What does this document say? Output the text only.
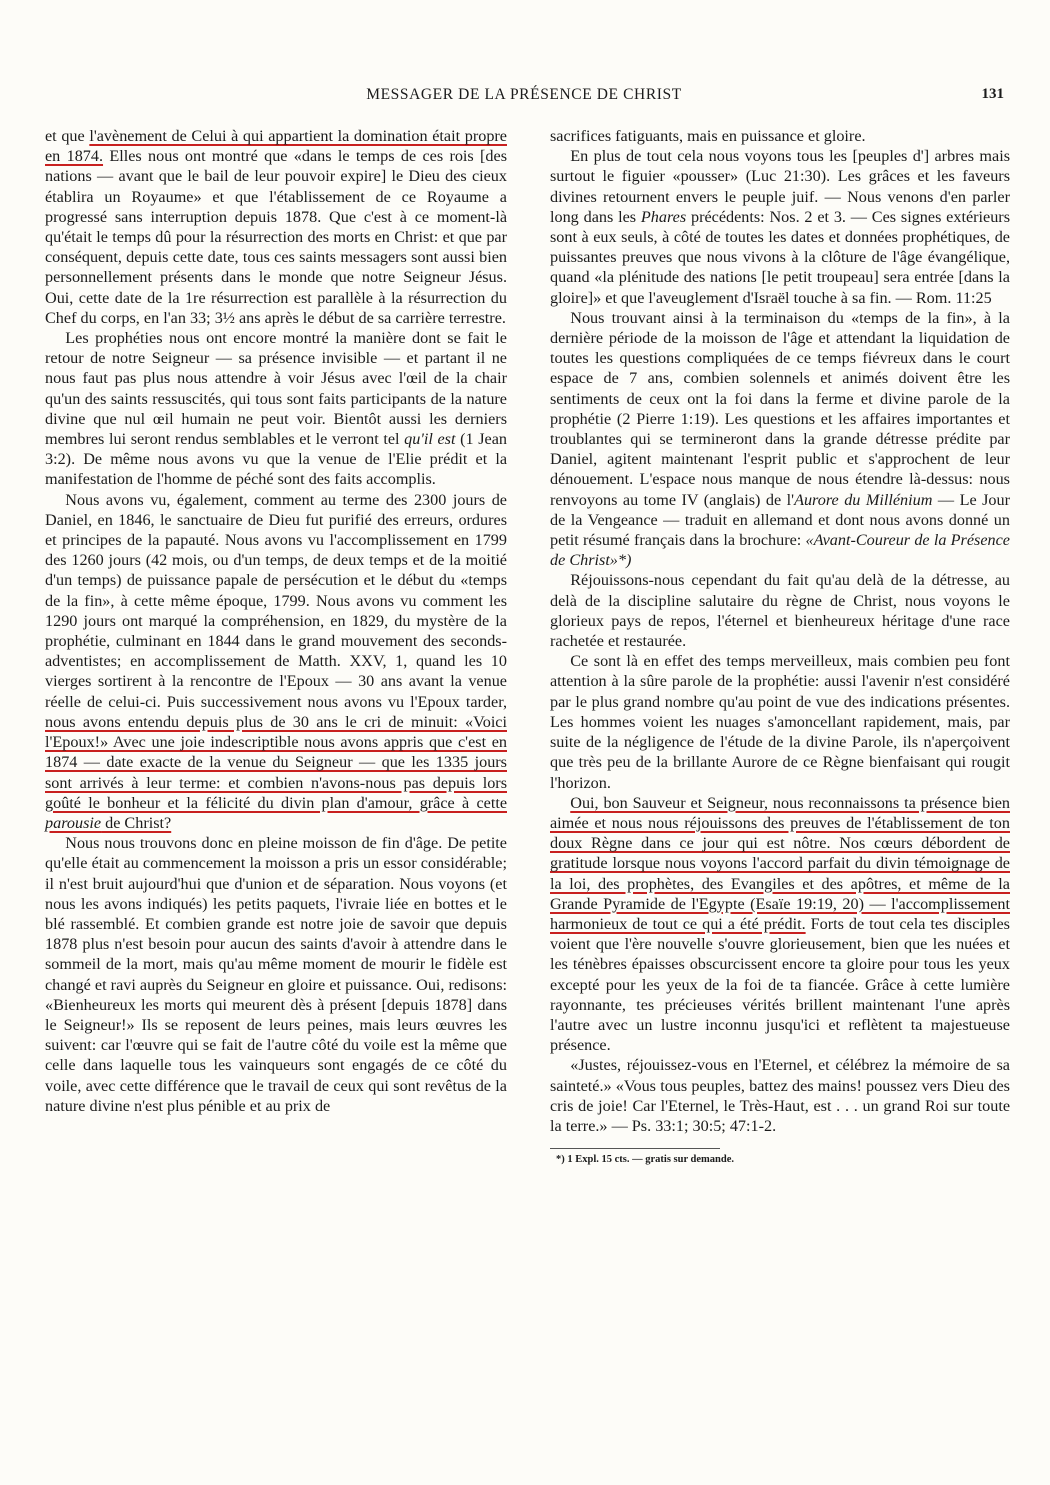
MESSAGER DE LA PRÉSENCE DE CHRIST	131

et que l'avènement de Celui à qui appartient la domination était propre en 1874. Elles nous ont montré que «dans le temps de ces rois [des nations — avant que le bail de leur pouvoir expire] le Dieu des cieux établira un Royaume» et que l'établissement de ce Royaume a progressé sans interruption depuis 1878. Que c'est à ce moment-là qu'était le temps dû pour la résurrection des morts en Christ: et que par conséquent, depuis cette date, tous ces saints messagers sont aussi bien personnellement présents dans le monde que notre Seigneur Jésus. Oui, cette date de la 1re résurrection est parallèle à la résurrection du Chef du corps, en l'an 33; 3½ ans après le début de sa carrière terrestre.

Les prophéties nous ont encore montré la manière dont se fait le retour de notre Seigneur — sa présence invisible — et partant il ne nous faut pas plus nous attendre à voir Jésus avec l'œil de la chair qu'un des saints ressuscités, qui tous sont faits participants de la nature divine que nul œil humain ne peut voir. Bientôt aussi les derniers membres lui seront rendus semblables et le verront tel qu'il est (1 Jean 3:2). De même nous avons vu que la venue de l'Elie prédit et la manifestation de l'homme de péché sont des faits accomplis.

Nous avons vu, également, comment au terme des 2300 jours de Daniel, en 1846, le sanctuaire de Dieu fut purifié des erreurs, ordures et principes de la papauté. Nous avons vu l'accomplissement en 1799 des 1260 jours (42 mois, ou d'un temps, de deux temps et de la moitié d'un temps) de puissance papale de persécution et le début du «temps de la fin», à cette même époque, 1799. Nous avons vu comment les 1290 jours ont marqué la compréhension, en 1829, du mystère de la prophétie, culminant en 1844 dans le grand mouvement des seconds-adventistes; en accomplissement de Matth. XXV, 1, quand les 10 vierges sortirent à la rencontre de l'Epoux — 30 ans avant la venue réelle de celui-ci. Puis successivement nous avons vu l'Epoux tarder, nous avons entendu depuis plus de 30 ans le cri de minuit: «Voici l'Epoux!» Avec une joie indescriptible nous avons appris que c'est en 1874 — date exacte de la venue du Seigneur — que les 1335 jours sont arrivés à leur terme: et combien n'avons-nous pas depuis lors goûté le bonheur et la félicité du divin plan d'amour, grâce à cette parousie de Christ?

Nous nous trouvons donc en pleine moisson de fin d'âge. De petite qu'elle était au commencement la moisson a pris un essor considérable; il n'est bruit aujourd'hui que d'union et de séparation. Nous voyons (et nous les avons indiqués) les petits paquets, l'ivraie liée en bottes et le blé rassemblé. Et combien grande est notre joie de savoir que depuis 1878 plus n'est besoin pour aucun des saints d'avoir à attendre dans le sommeil de la mort, mais qu'au même moment de mourir le fidèle est changé et ravi auprès du Seigneur en gloire et puissance. Oui, redisons: «Bienheureux les morts qui meurent dès à présent [depuis 1878] dans le Seigneur!» Ils se reposent de leurs peines, mais leurs œuvres les suivent: car l'œuvre qui se fait de l'autre côté du voile est la même que celle dans laquelle tous les vainqueurs sont engagés de ce côté du voile, avec cette différence que le travail de ceux qui sont revêtus de la nature divine n'est plus pénible et au prix de

sacrifices fatiguants, mais en puissance et gloire.

En plus de tout cela nous voyons tous les [peuples d'] arbres mais surtout le figuier «pousser» (Luc 21:30). Les grâces et les faveurs divines retournent envers le peuple juif. — Nous venons d'en parler long dans les Phares précédents: Nos. 2 et 3. — Ces signes extérieurs sont à eux seuls, à côté de toutes les dates et données prophétiques, de puissantes preuves que nous vivons à la clôture de l'âge évangélique, quand «la plénitude des nations [le petit troupeau] sera entrée [dans la gloire]» et que l'aveuglement d'Israël touche à sa fin. — Rom. 11:25

Nous trouvant ainsi à la terminaison du «temps de la fin», à la dernière période de la moisson de l'âge et attendant la liquidation de toutes les questions compliquées de ce temps fiévreux dans le court espace de 7 ans, combien solennels et animés doivent être les sentiments de ceux ont la foi dans la ferme et divine parole de la prophétie (2 Pierre 1:19). Les questions et les affaires importantes et troublantes qui se termineront dans la grande détresse prédite par Daniel, agitent maintenant l'esprit public et s'approchent de leur dénouement. L'espace nous manque de nous étendre là-dessus: nous renvoyons au tome IV (anglais) de l'Aurore du Millénium — Le Jour de la Vengeance — traduit en allemand et dont nous avons donné un petit résumé français dans la brochure: «Avant-Coureur de la Présence de Christ»*)

Réjouissons-nous cependant du fait qu'au delà de la détresse, au delà de la discipline salutaire du règne de Christ, nous voyons le glorieux pays de repos, l'éternel et bienheureux héritage d'une race rachetée et restaurée.

Ce sont là en effet des temps merveilleux, mais combien peu font attention à la sûre parole de la prophétie: aussi l'avenir n'est considéré par le plus grand nombre qu'au point de vue des indications présentes. Les hommes voient les nuages s'amoncellant rapidement, mais, par suite de la négligence de l'étude de la divine Parole, ils n'aperçoivent que très peu de la brillante Aurore de ce Règne bienfaisant qui rougit l'horizon.

Oui, bon Sauveur et Seigneur, nous reconnaissons ta présence bien aimée et nous nous réjouissons des preuves de l'établissement de ton doux Règne dans ce jour qui est nôtre. Nos cœurs débordent de gratitude lorsque nous voyons l'accord parfait du divin témoignage de la loi, des prophètes, des Evangiles et des apôtres, et même de la Grande Pyramide de l'Egypte (Esaïe 19:19, 20) — l'accomplissement harmonieux de tout ce qui a été prédit. Forts de tout cela tes disciples voient que l'ère nouvelle s'ouvre glorieusement, bien que les nuées et les ténèbres épaisses obscurcissent encore ta gloire pour tous les yeux excepté pour les yeux de la foi de ta fiancée. Grâce à cette lumière rayonnante, tes précieuses vérités brillent maintenant l'une après l'autre avec un lustre inconnu jusqu'ici et reflètent ta majestueuse présence.

«Justes, réjouissez-vous en l'Eternel, et célébrez la mémoire de sa sainteté.» «Vous tous peuples, battez des mains! poussez vers Dieu des cris de joie! Car l'Eternel, le Très-Haut, est . . . un grand Roi sur toute la terre.» — Ps. 33:1; 30:5; 47:1-2.

*) 1 Expl. 15 cts. — gratis sur demande.
